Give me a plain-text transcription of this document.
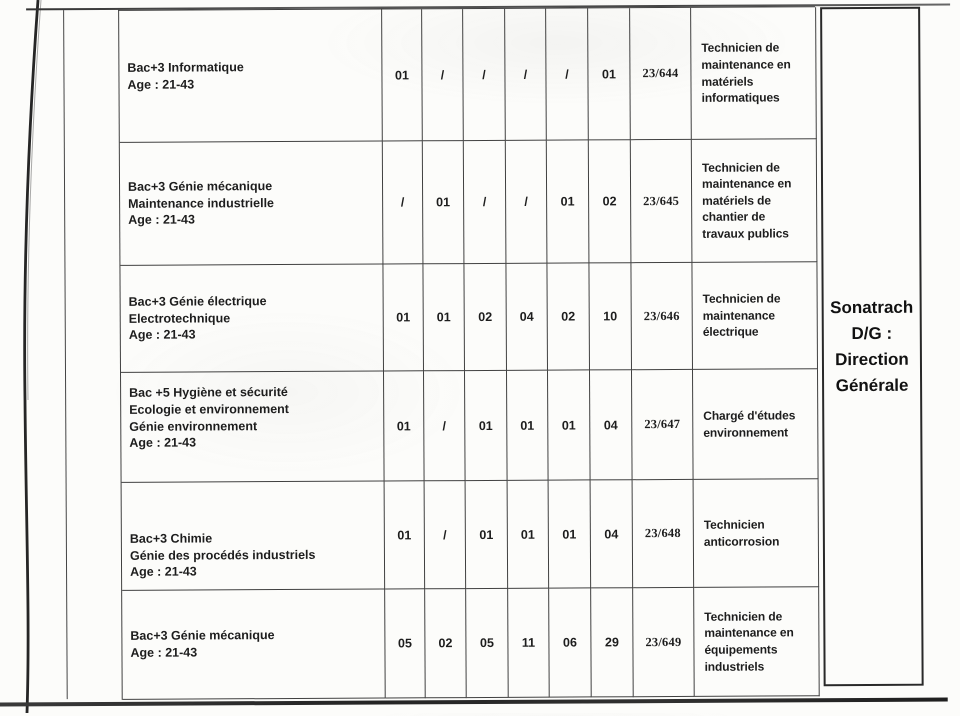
Bac+3 Informatique
Age : 21-43
01	/	/	/	/	01	23/644
Technicien de maintenance en matériels informatiques
Bac+3 Génie mécanique
Maintenance industrielle
Age : 21-43
/	01	/	/	01	02	23/645
Technicien de maintenance en matériels de chantier de travaux publics
Bac+3 Génie électrique
Electrotechnique
Age : 21-43
01	01	02	04	02	10	23/646
Technicien de maintenance électrique
Bac +5 Hygiène et sécurité
Ecologie et environnement
Génie environnement
Age : 21-43
01	/	01	01	01	04	23/647
Chargé d'études environnement
Bac+3 Chimie
Génie des procédés industriels
Age : 21-43
01	/	01	01	01	04	23/648
Technicien anticorrosion
Bac+3 Génie mécanique
Age : 21-43
05	02	05	11	06	29	23/649
Technicien de maintenance en équipements industriels
Sonatrach
D/G :
Direction
Générale
